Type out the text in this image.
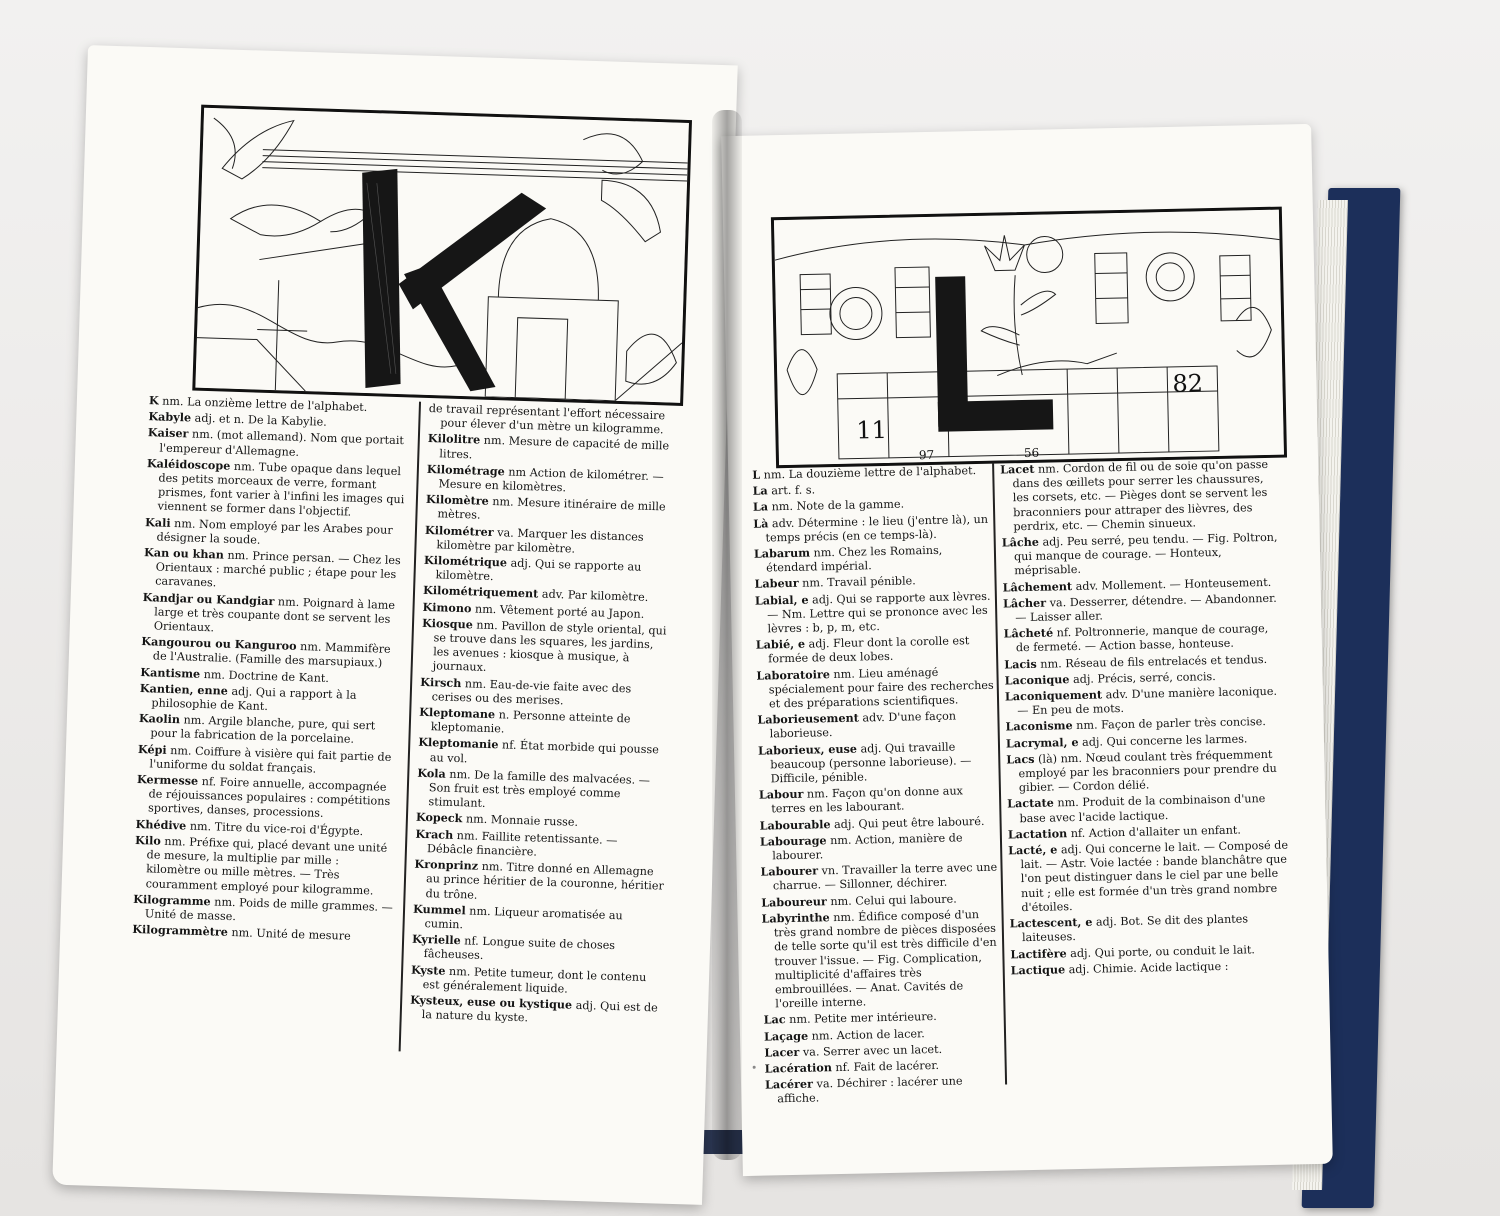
K nm. La onzième lettre de l'alphabet.
Kabyle adj. et n. De la Kabylie.
Kaiser nm. (mot allemand). Nom que portait l'empereur d'Allemagne.
Kaléidoscope nm. Tube opaque dans lequel des petits morceaux de verre, formant prismes, font varier à l'infini les images qui viennent se former dans l'objectif.
Kali nm. Nom employé par les Arabes pour désigner la soude.
Kan ou khan nm. Prince persan. — Chez les Orientaux : marché public ; étape pour les caravanes.
Kandjar ou Kandgiar nm. Poignard à lame large et très coupante dont se servent les Orientaux.
Kangourou ou Kanguroo nm. Mammifère de l'Australie. (Famille des marsupiaux.)
Kantisme nm. Doctrine de Kant.
Kantien, enne adj. Qui a rapport à la philosophie de Kant.
Kaolin nm. Argile blanche, pure, qui sert pour la fabrication de la porcelaine.
Képi nm. Coiffure à visière qui fait partie de l'uniforme du soldat français.
Kermesse nf. Foire annuelle, accompagnée de réjouissances populaires : compétitions sportives, danses, processions.
Khédive nm. Titre du vice-roi d'Égypte.
Kilo nm. Préfixe qui, placé devant une unité de mesure, la multiplie par mille : kilomètre ou mille mètres. — Très couramment employé pour kilogramme.
Kilogramme nm. Poids de mille grammes. — Unité de masse.
Kilogrammètre nm. Unité de mesure
de travail représentant l'effort nécessaire pour élever d'un mètre un kilogramme.
Kilolitre nm. Mesure de capacité de mille litres.
Kilométrage nm Action de kilométrer. — Mesure en kilomètres.
Kilomètre nm. Mesure itinéraire de mille mètres.
Kilométrer va. Marquer les distances kilomètre par kilomètre.
Kilométrique adj. Qui se rapporte au kilomètre.
Kilométriquement adv. Par kilomètre.
Kimono nm. Vêtement porté au Japon.
Kiosque nm. Pavillon de style oriental, qui se trouve dans les squares, les jardins, les avenues : kiosque à musique, à journaux.
Kirsch nm. Eau-de-vie faite avec des cerises ou des merises.
Kleptomane n. Personne atteinte de kleptomanie.
Kleptomanie nf. État morbide qui pousse au vol.
Kola nm. De la famille des malvacées. — Son fruit est très employé comme stimulant.
Kopeck nm. Monnaie russe.
Krach nm. Faillite retentissante. — Débâcle financière.
Kronprinz nm. Titre donné en Allemagne au prince héritier de la couronne, héritier du trône.
Kummel nm. Liqueur aromatisée au cumin.
Kyrielle nf. Longue suite de choses fâcheuses.
Kyste nm. Petite tumeur, dont le contenu est généralement liquide.
Kysteux, euse ou kystique adj. Qui est de la nature du kyste.
11
82
97	56
L nm. La douzième lettre de l'alphabet.
La art. f. s.
La nm. Note de la gamme.
Là adv. Détermine : le lieu (j'entre là), un temps précis (en ce temps-là).
Labarum nm. Chez les Romains, étendard impérial.
Labeur nm. Travail pénible.
Labial, e adj. Qui se rapporte aux lèvres. — Nm. Lettre qui se prononce avec les lèvres : b, p, m, etc.
Labié, e adj. Fleur dont la corolle est formée de deux lobes.
Laboratoire nm. Lieu aménagé spécialement pour faire des recherches et des préparations scientifiques.
Laborieusement adv. D'une façon laborieuse.
Laborieux, euse adj. Qui travaille beaucoup (personne laborieuse). — Difficile, pénible.
Labour nm. Façon qu'on donne aux terres en les labourant.
Labourable adj. Qui peut être labouré.
Labourage nm. Action, manière de labourer.
Labourer vn. Travailler la terre avec une charrue. — Sillonner, déchirer.
Laboureur nm. Celui qui laboure.
Labyrinthe nm. Édifice composé d'un très grand nombre de pièces disposées de telle sorte qu'il est très difficile d'en trouver l'issue. — Fig. Complication, multiplicité d'affaires très embrouillées. — Anat. Cavités de l'oreille interne.
Lac nm. Petite mer intérieure.
Laçage nm. Action de lacer.
Lacer va. Serrer avec un lacet.
Lacération nf. Fait de lacérer.
Lacérer va. Déchirer : lacérer une affiche.
Lacet nm. Cordon de fil ou de soie qu'on passe dans des œillets pour serrer les chaussures, les corsets, etc. — Pièges dont se servent les braconniers pour attraper des lièvres, des perdrix, etc. — Chemin sinueux.
Lâche adj. Peu serré, peu tendu. — Fig. Poltron, qui manque de courage. — Honteux, méprisable.
Lâchement adv. Mollement. — Honteusement.
Lâcher va. Desserrer, détendre. — Abandonner. — Laisser aller.
Lâcheté nf. Poltronnerie, manque de courage, de fermeté. — Action basse, honteuse.
Lacis nm. Réseau de fils entrelacés et tendus.
Laconique adj. Précis, serré, concis.
Laconiquement adv. D'une manière laconique. — En peu de mots.
Laconisme nm. Façon de parler très concise.
Lacrymal, e adj. Qui concerne les larmes.
Lacs (là) nm. Nœud coulant très fréquemment employé par les braconniers pour prendre du gibier. — Cordon délié.
Lactate nm. Produit de la combinaison d'une base avec l'acide lactique.
Lactation nf. Action d'allaiter un enfant.
Lacté, e adj. Qui concerne le lait. — Composé de lait. — Astr. Voie lactée : bande blanchâtre que l'on peut distinguer dans le ciel par une belle nuit ; elle est formée d'un très grand nombre d'étoiles.
Lactescent, e adj. Bot. Se dit des plantes laiteuses.
Lactifère adj. Qui porte, ou conduit le lait.
Lactique adj. Chimie. Acide lactique :
